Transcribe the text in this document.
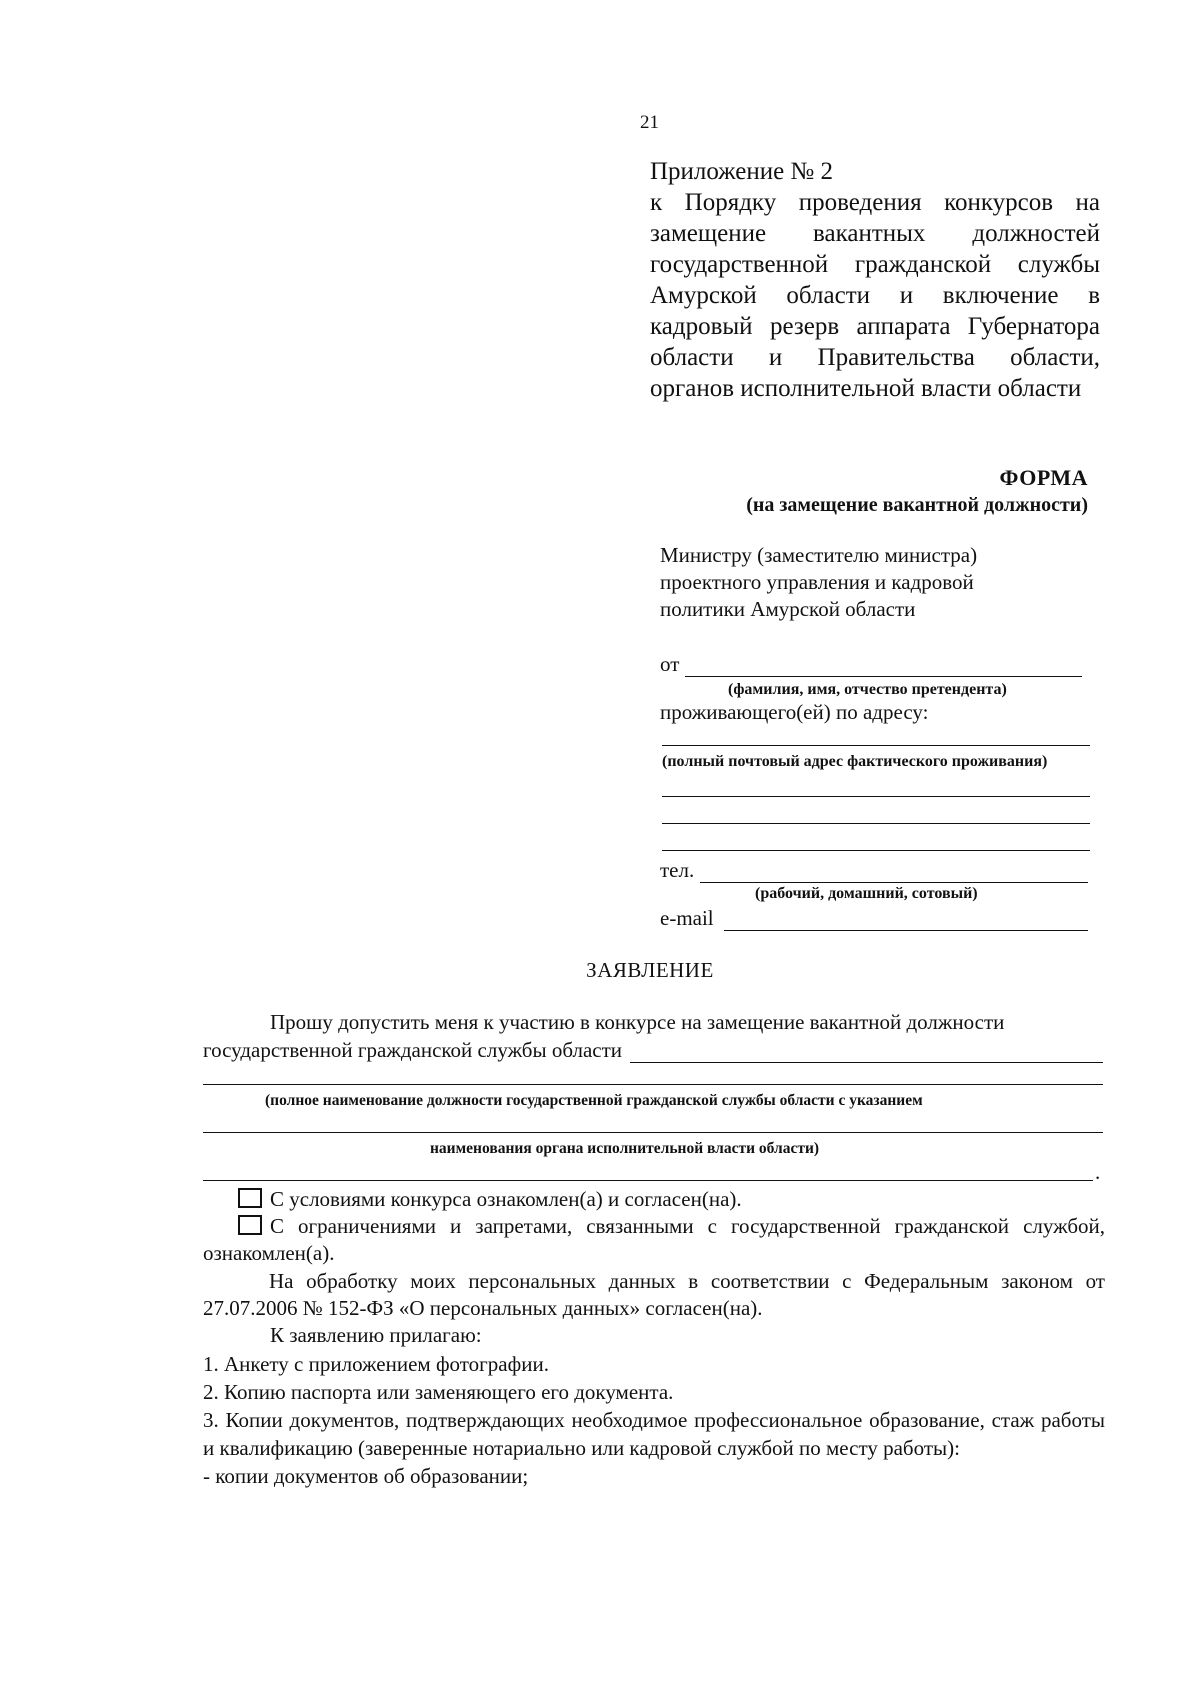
21
Приложение № 2
к Порядку проведения конкурсов на замещение вакантных должностей государственной гражданской службы Амурской области и включение в кадровый резерв аппарата Губернатора области и Правительства области, органов исполнительной власти области
ФОРМА
(на замещение вакантной должности)
Министру (заместителю министра)
проектного управления и кадровой
политики Амурской области
от
(фамилия, имя, отчество претендента)
проживающего(ей) по адресу:
(полный почтовый адрес фактического проживания)
тел.
(рабочий, домашний, сотовый)
e-mail
ЗАЯВЛЕНИЕ
Прошу допустить меня к участию в конкурсе на замещение вакантной должности
государственной гражданской службы области
(полное наименование должности государственной гражданской службы области с указанием
наименования органа исполнительной власти области)
.
С условиями конкурса ознакомлен(а) и согласен(на).
С ограничениями и запретами, связанными с государственной гражданской службой, ознакомлен(а).
На обработку моих персональных данных в соответствии с Федеральным законом от 27.07.2006 № 152-ФЗ «О персональных данных» согласен(на).
К заявлению прилагаю:
1. Анкету с приложением фотографии.
2. Копию паспорта или заменяющего его документа.
3. Копии документов, подтверждающих необходимое профессиональное образование, стаж работы и квалификацию (заверенные нотариально или кадровой службой по месту работы):
- копии документов об образовании;
